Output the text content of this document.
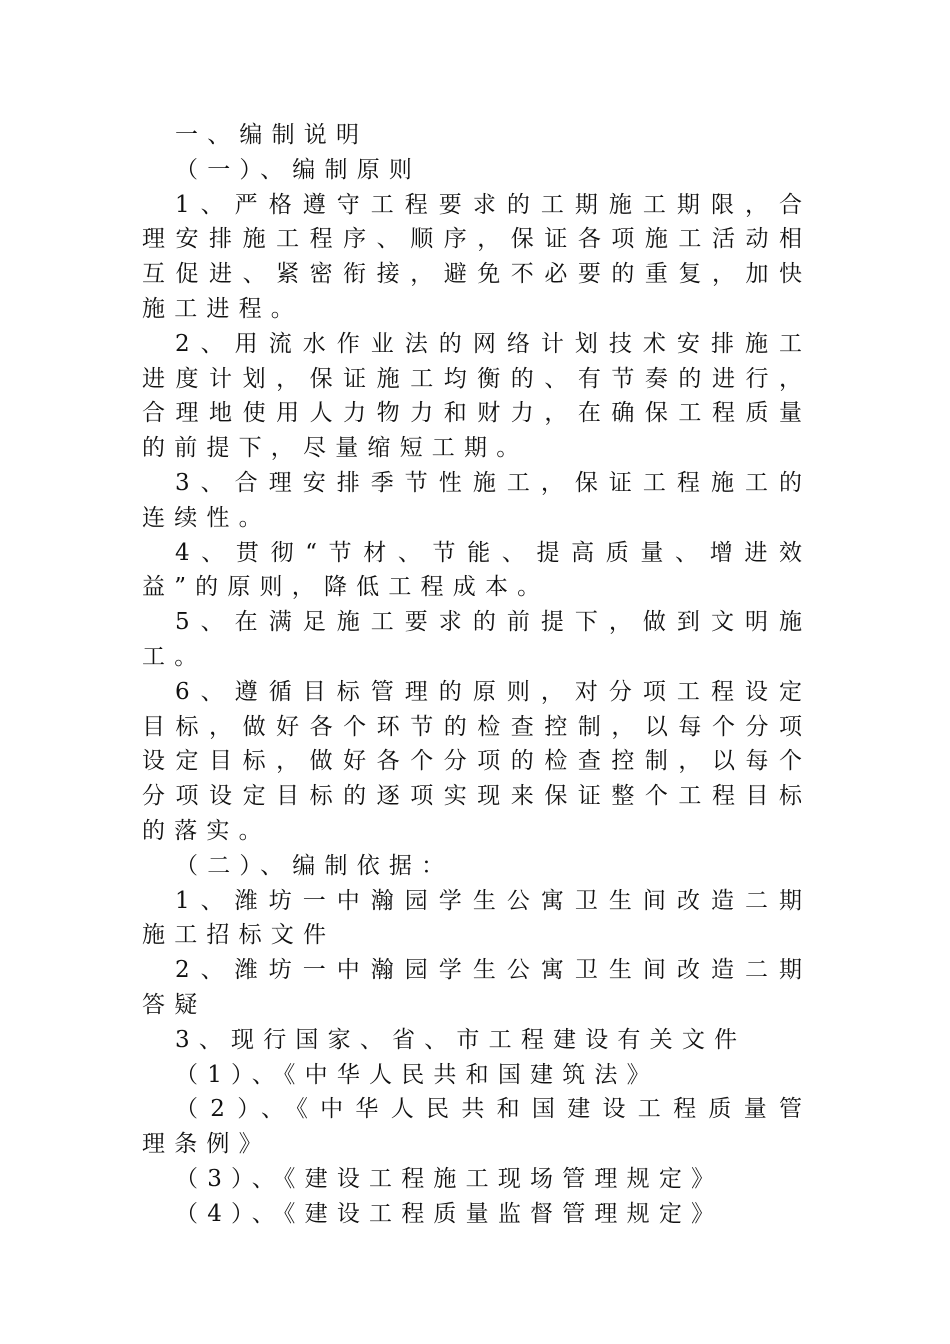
一、编制说明
（一）、编制原则
1、严格遵守工程要求的工期施工期限，合
理安排施工程序、顺序，保证各项施工活动相
互促进、紧密衔接，避免不必要的重复，加快
施工进程。
2、用流水作业法的网络计划技术安排施工
进度计划，保证施工均衡的、有节奏的进行，
合理地使用人力物力和财力，在确保工程质量
的前提下，尽量缩短工期。
3、合理安排季节性施工，保证工程施工的
连续性。
4、贯彻“节材、节能、提高质量、增进效
益”的原则，降低工程成本。
5、在满足施工要求的前提下，做到文明施
工。
6、遵循目标管理的原则，对分项工程设定
目标，做好各个环节的检查控制，以每个分项
设定目标，做好各个分项的检查控制，以每个
分项设定目标的逐项实现来保证整个工程目标
的落实。
（二）、编制依据：
1、潍坊一中瀚园学生公寓卫生间改造二期
施工招标文件
2、潍坊一中瀚园学生公寓卫生间改造二期
答疑
3、现行国家、省、市工程建设有关文件
（1）、《中华人民共和国建筑法》
（2）、《中华人民共和国建设工程质量管
理条例》
（3）、《建设工程施工现场管理规定》
（4）、《建设工程质量监督管理规定》
